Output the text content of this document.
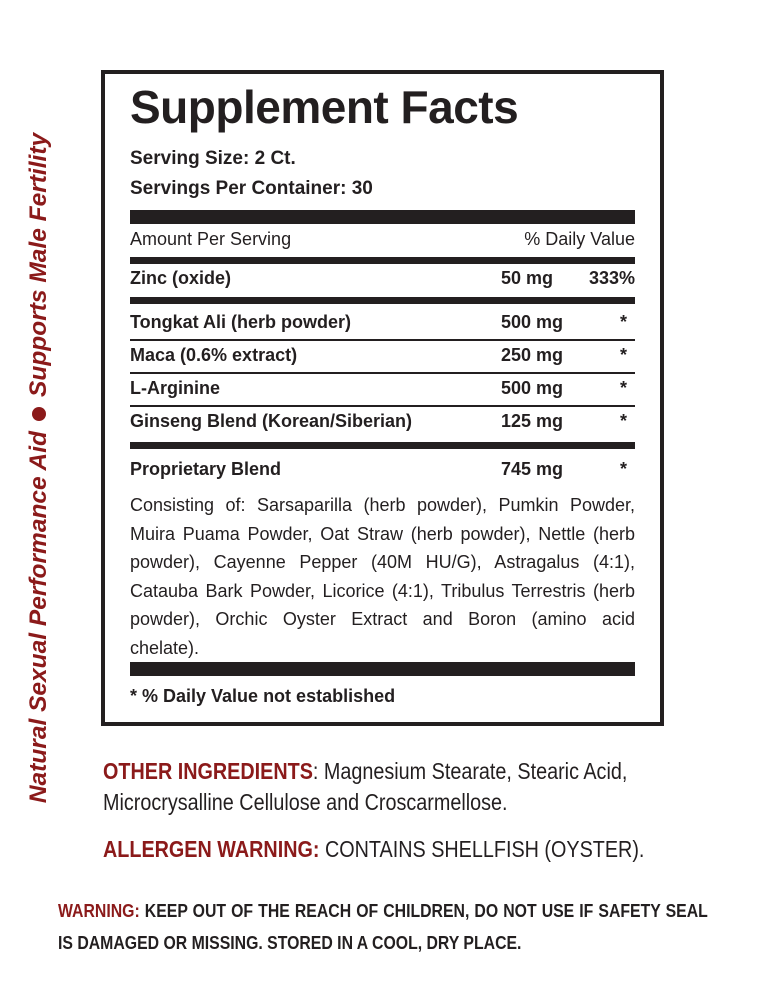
Natural Sexual Performance Aid
Supports Male Fertility
Supplement Facts
Serving Size: 2 Ct.
Servings Per Container: 30
Amount Per Serving	% Daily Value
Zinc (oxide)	50 mg 333%
Tongkat Ali (herb powder)	500 mg	*
Maca (0.6% extract)	250 mg	*
L-Arginine	500 mg	*
Ginseng Blend (Korean/Siberian)	125 mg	*
Proprietary Blend	745 mg	*
Consisting of: Sarsaparilla (herb powder), Pumkin Powder, Muira Puama Powder, Oat Straw (herb powder), Nettle (herb powder), Cayenne Pepper (40M HU/G), Astragalus (4:1), Catauba Bark Powder, Licorice (4:1), Tribulus Terrestris (herb powder), Orchic Oyster Extract and Boron (amino acid chelate).
* % Daily Value not established
OTHER INGREDIENTS: Magnesium Stearate, Stearic Acid, Microcrysalline Cellulose and Croscarmellose.
ALLERGEN WARNING: CONTAINS SHELLFISH (OYSTER).
WARNING: KEEP OUT OF THE REACH OF CHILDREN, DO NOT USE IF SAFETY SEAL IS DAMAGED OR MISSING. STORED IN A COOL, DRY PLACE.
